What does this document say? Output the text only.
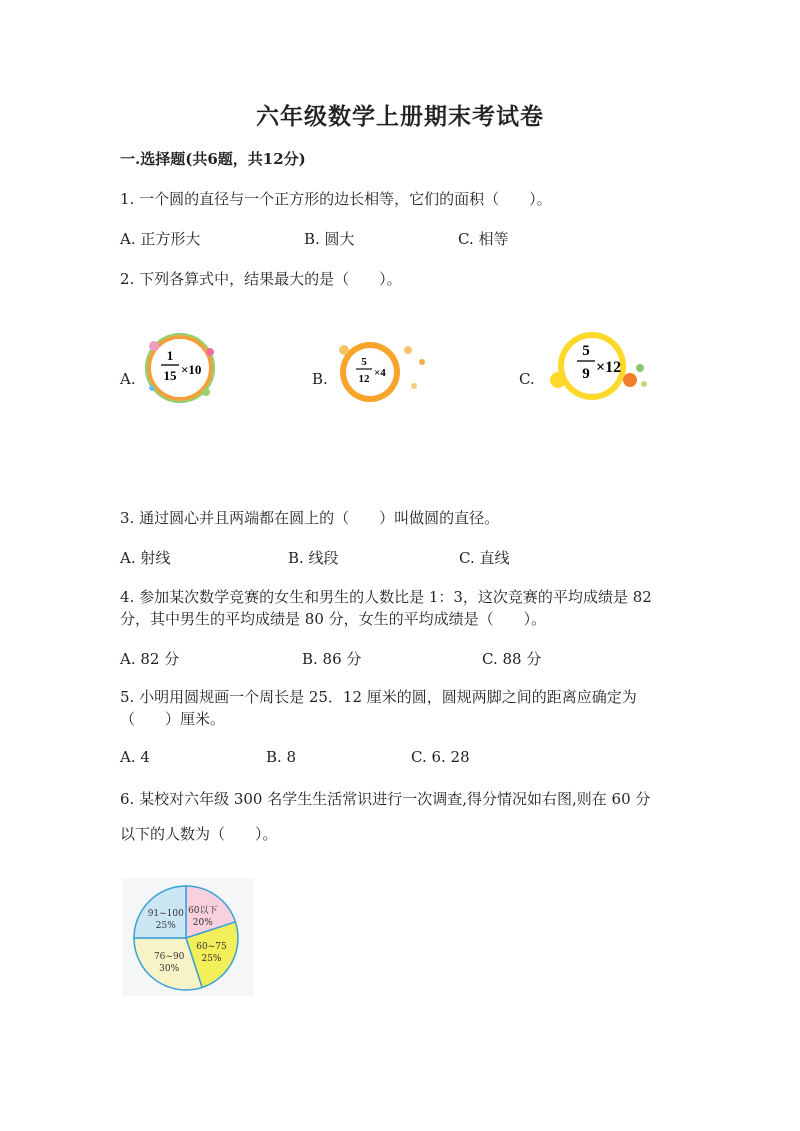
六年级数学上册期末考试卷
一.选择题(共6题，共12分)
1. 一个圆的直径与一个正方形的边长相等，它们的面积（　　）。
A. 正方形大	B. 圆大	C. 相等
2. 下列各算式中，结果最大的是（　　）。
A.	B.	C.
1
15 ×10	5
12 ×4
5
9 ×12
3. 通过圆心并且两端都在圆上的（　　）叫做圆的直径。
A. 射线	B. 线段	C. 直线
4. 参加某次数学竞赛的女生和男生的人数比是 1：3，这次竞赛的平均成绩是 82
分，其中男生的平均成绩是 80 分，女生的平均成绩是（　　）。
A. 82 分	B. 86 分	C. 88 分
5. 小明用圆规画一个周长是 25．12 厘米的圆，圆规两脚之间的距离应确定为
（　　）厘米。
A. 4	B. 8	C. 6. 28
6. 某校对六年级 300 名学生生活常识进行一次调查,得分情况如右图,则在 60 分
以下的人数为（　　）。
60以下
20%
60~75
25%
76~90
30%
91~100
25%
